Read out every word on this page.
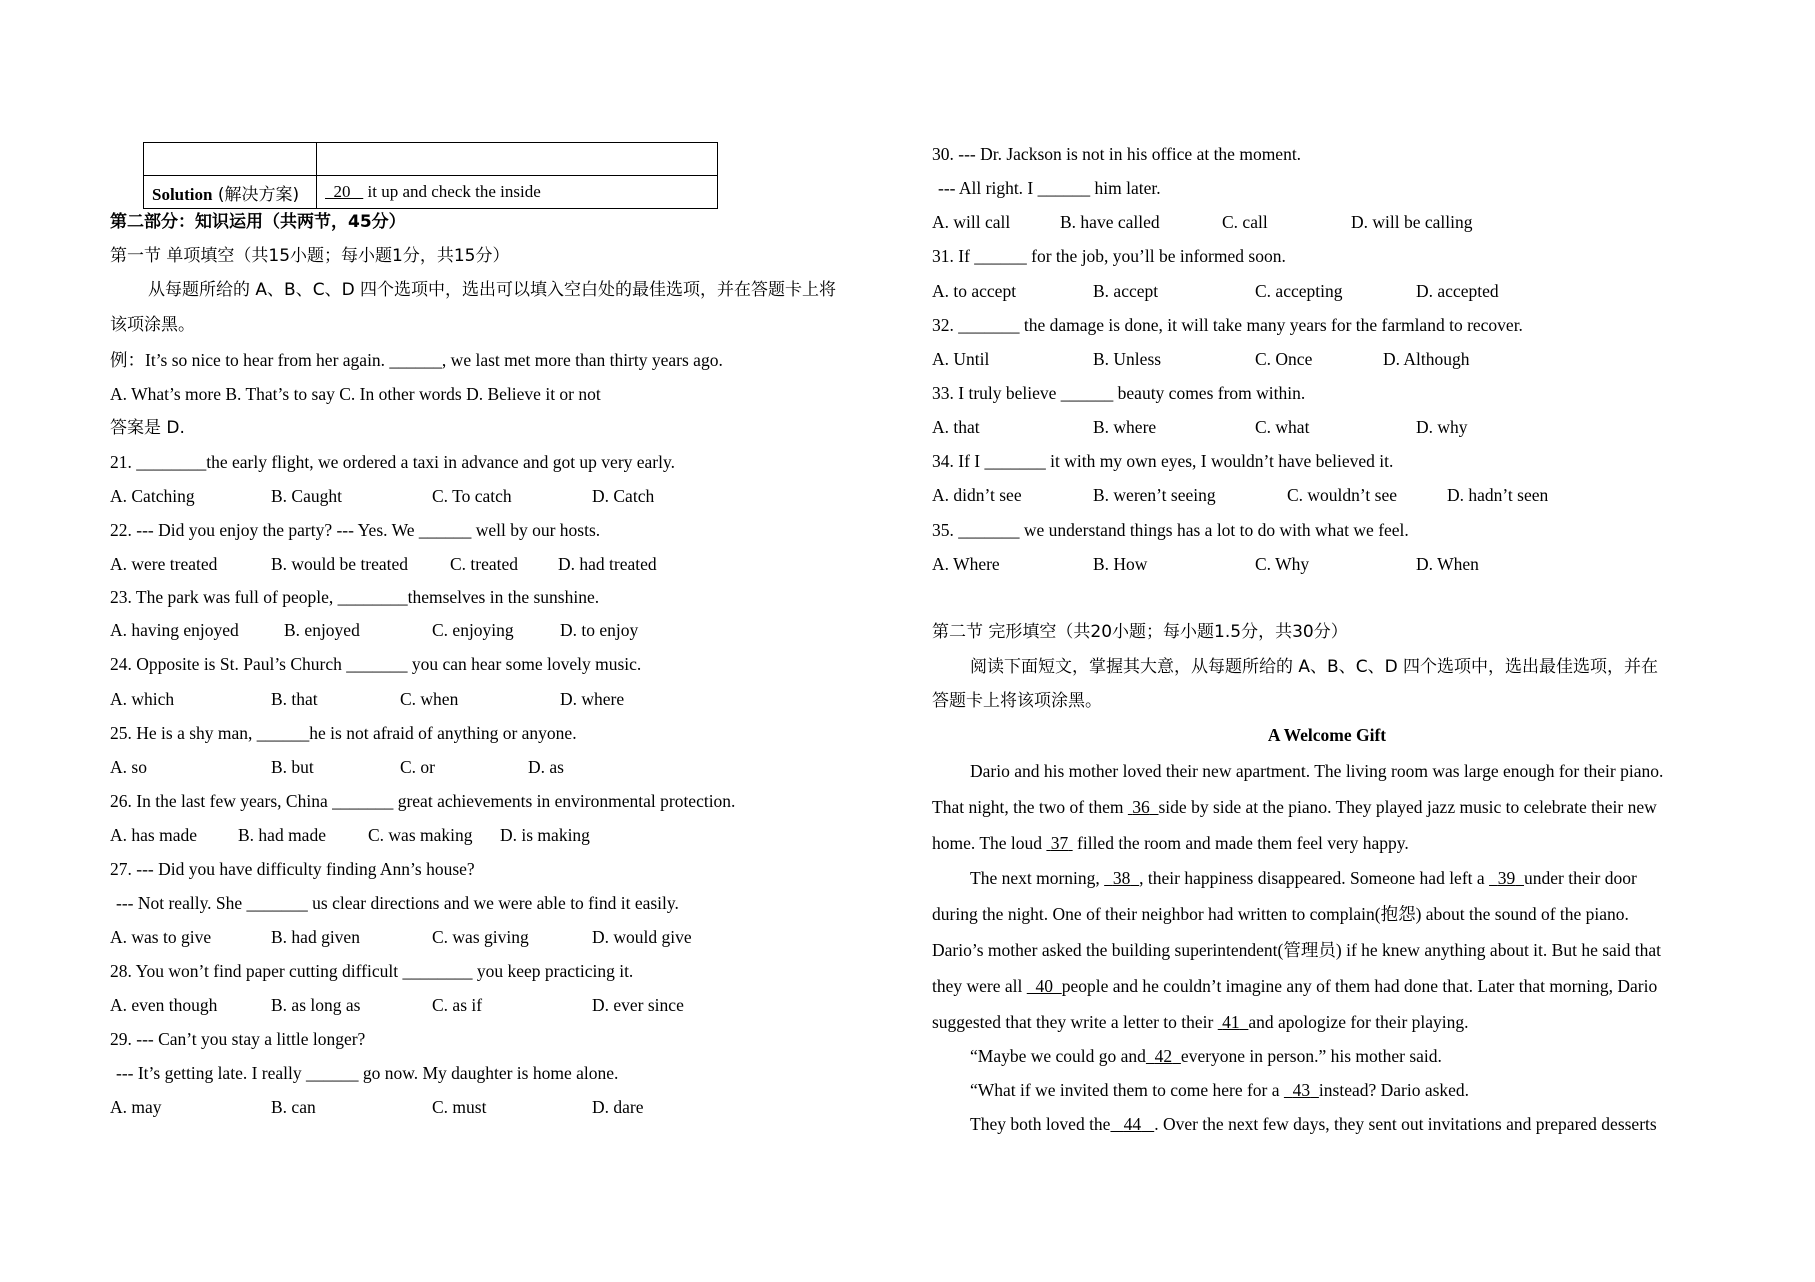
Solution (解决方案)	20    it up and check the inside
第二部分：知识运用（共两节，45分）
第一节 单项填空（共15小题；每小题1分，共15分）
从每题所给的 A、B、C、D 四个选项中，选出可以填入空白处的最佳选项，并在答题卡上将
该项涂黑。
例：It’s so nice to hear from her again. ______, we last met more than thirty years ago.
A. What’s more B. That’s to say C. In other words D. Believe it or not
答案是 D.
21. ________the early flight, we ordered a taxi in advance and got up very early.
A. Catching	B. Caught	C. To catch	D. Catch
22. --- Did you enjoy the party? --- Yes. We ______ well by our hosts.
A. were treated	B. would be treated	C. treated	D. had treated
23. The park was full of people, ________themselves in the sunshine.
A. having enjoyed	B. enjoyed	C. enjoying	D. to enjoy
24. Opposite is St. Paul’s Church _______ you can hear some lovely music.
A. which	B. that	C. when	D. where
25. He is a shy man, ______he is not afraid of anything or anyone.
A. so	B. but	C. or	D. as
26. In the last few years, China _______ great achievements in environmental protection.
A. has made	B. had made	C. was making	D. is making
27. --- Did you have difficulty finding Ann’s house?
--- Not really. She _______ us clear directions and we were able to find it easily.
A. was to give	B. had given	C. was giving	D. would give
28. You won’t find paper cutting difficult ________ you keep practicing it.
A. even though	B. as long as	C. as if	D. ever since
29. --- Can’t you stay a little longer?
--- It’s getting late. I really ______ go now. My daughter is home alone.
A. may	B. can	C. must	D. dare
30. --- Dr. Jackson is not in his office at the moment.
--- All right. I ______ him later.
A. will call	B. have called	C. call	D. will be calling
31. If ______ for the job, you’ll be informed soon.
A. to accept	B. accept	C. accepting	D. accepted
32. _______ the damage is done, it will take many years for the farmland to recover.
A. Until	B. Unless	C. Once	D. Although
33. I truly believe ______ beauty comes from within.
A. that	B. where	C. what	D. why
34. If I _______ it with my own eyes, I wouldn’t have believed it.
A. didn’t see	B. weren’t seeing	C. wouldn’t see	D. hadn’t seen
35. _______ we understand things has a lot to do with what we feel.
A. Where	B. How	C. Why	D. When
第二节 完形填空（共20小题；每小题1.5分，共30分）
阅读下面短文，掌握其大意，从每题所给的 A、B、C、D 四个选项中，选出最佳选项，并在
答题卡上将该项涂黑。
A Welcome Gift
Dario and his mother loved their new apartment. The living room was large enough for their piano.
That night, the two of them  36 side by side at the piano. They played jazz music to celebrate their new
home. The loud  37  filled the room and made them feel very happy.
The next morning,   38 , their happiness disappeared. Someone had left a   39 under their door
during the night. One of their neighbor had written to complain(抱怨) about the sound of the piano.
Dario’s mother asked the building superintendent(管理员) if he knew anything about it. But he said that
they were all   40 people and he couldn’t imagine any of them had done that. Later that morning, Dario
suggested that they write a letter to their  41 and apologize for their playing.
“Maybe we could go and 42 everyone in person.” his mother said.
“What if we invited them to come here for a   43 instead? Dario asked.
They both loved the 44 . Over the next few days, they sent out invitations and prepared desserts
